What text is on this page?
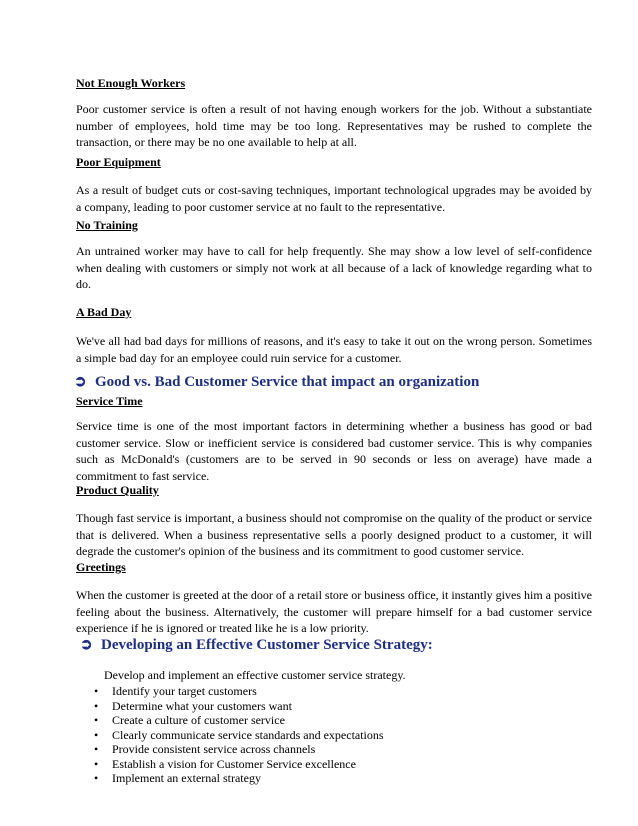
Not Enough Workers

Poor customer service is often a result of not having enough workers for the job. Without a substantiate number of employees, hold time may be too long. Representatives may be rushed to complete the transaction, or there may be no one available to help at all.

Poor Equipment

As a result of budget cuts or cost-saving techniques, important technological upgrades may be avoided by a company, leading to poor customer service at no fault to the representative.

No Training

An untrained worker may have to call for help frequently. She may show a low level of self-confidence when dealing with customers or simply not work at all because of a lack of knowledge regarding what to do.

A Bad Day

We've all had bad days for millions of reasons, and it's easy to take it out on the wrong person. Sometimes a simple bad day for an employee could ruin service for a customer.

➲ Good vs. Bad Customer Service that impact an organization

Service Time

Service time is one of the most important factors in determining whether a business has good or bad customer service. Slow or inefficient service is considered bad customer service. This is why companies such as McDonald's (customers are to be served in 90 seconds or less on average) have made a commitment to fast service.

Product Quality

Though fast service is important, a business should not compromise on the quality of the product or service that is delivered. When a business representative sells a poorly designed product to a customer, it will degrade the customer's opinion of the business and its commitment to good customer service.

Greetings

When the customer is greeted at the door of a retail store or business office, it instantly gives him a positive feeling about the business. Alternatively, the customer will prepare himself for a bad customer service experience if he is ignored or treated like he is a low priority.

➲ Developing an Effective Customer Service Strategy:
Develop and implement an effective customer service strategy.
• Identify your target customers
• Determine what your customers want
• Create a culture of customer service
• Clearly communicate service standards and expectations
• Provide consistent service across channels
• Establish a vision for Customer Service excellence
• Implement an external strategy
